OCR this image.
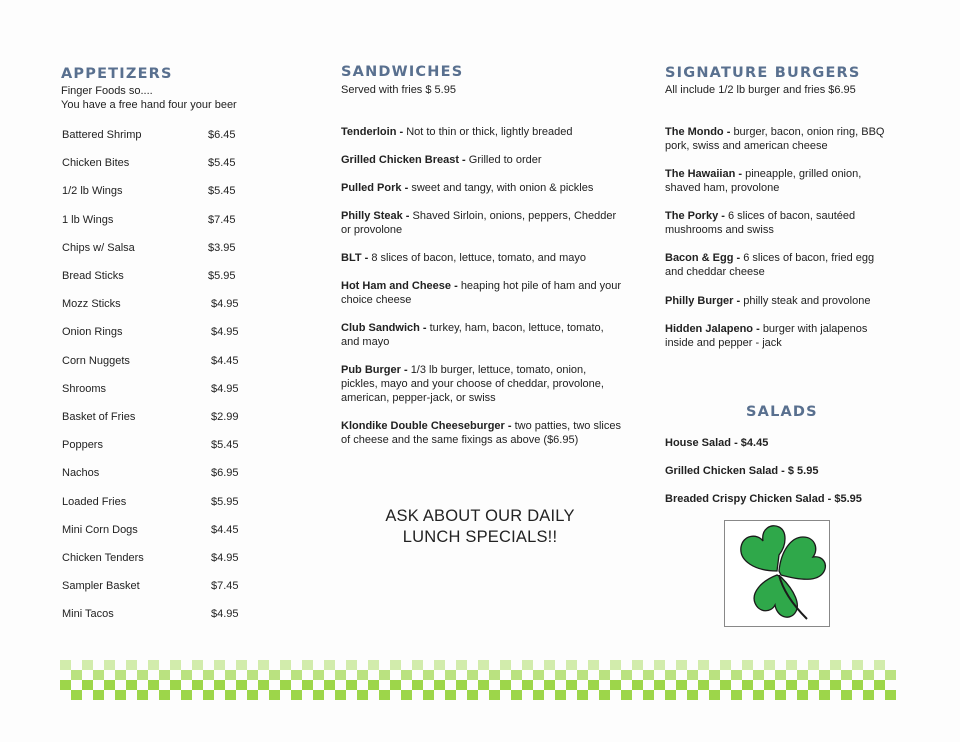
APPETIZERS
Finger Foods so....
You have a free hand four your beer
Battered Shrimp	$6.45
Chicken Bites	$5.45
1/2 lb Wings	$5.45
1 lb Wings	$7.45
Chips w/ Salsa	$3.95
Bread Sticks	$5.95
Mozz Sticks	$4.95
Onion Rings	$4.95
Corn Nuggets	$4.45
Shrooms	$4.95
Basket of Fries	$2.99
Poppers	$5.45
Nachos	$6.95
Loaded Fries	$5.95
Mini Corn Dogs	$4.45
Chicken Tenders	$4.95
Sampler Basket	$7.45
Mini Tacos	$4.95
SANDWICHES
Served with fries $ 5.95
Tenderloin - Not to thin or thick, lightly breaded
Grilled Chicken Breast - Grilled to order
Pulled Pork - sweet and tangy, with onion & pickles
Philly Steak - Shaved Sirloin, onions, peppers, Chedder or provolone
BLT - 8 slices of bacon, lettuce, tomato, and mayo
Hot Ham and Cheese - heaping hot pile of ham and your choice cheese
Club Sandwich - turkey, ham, bacon, lettuce, tomato, and mayo
Pub Burger - 1/3 lb burger, lettuce, tomato, onion, pickles, mayo and your choose of cheddar, provolone, american, pepper-jack, or swiss
Klondike Double Cheeseburger - two patties, two slices of cheese and the same fixings as above ($6.95)
ASK ABOUT OUR DAILY
LUNCH SPECIALS!!
SIGNATURE BURGERS
All include 1/2 lb burger and fries $6.95
The Mondo - burger, bacon, onion ring, BBQ pork, swiss and american cheese
The Hawaiian - pineapple, grilled onion, shaved ham, provolone
The Porky - 6 slices of bacon, sautéed mushrooms and swiss
Bacon & Egg - 6 slices of bacon, fried egg and cheddar cheese
Philly Burger - philly steak and provolone
Hidden Jalapeno - burger with jalapenos inside and pepper - jack
SALADS
House Salad - $4.45
Grilled Chicken Salad - $ 5.95
Breaded Crispy Chicken Salad - $5.95
